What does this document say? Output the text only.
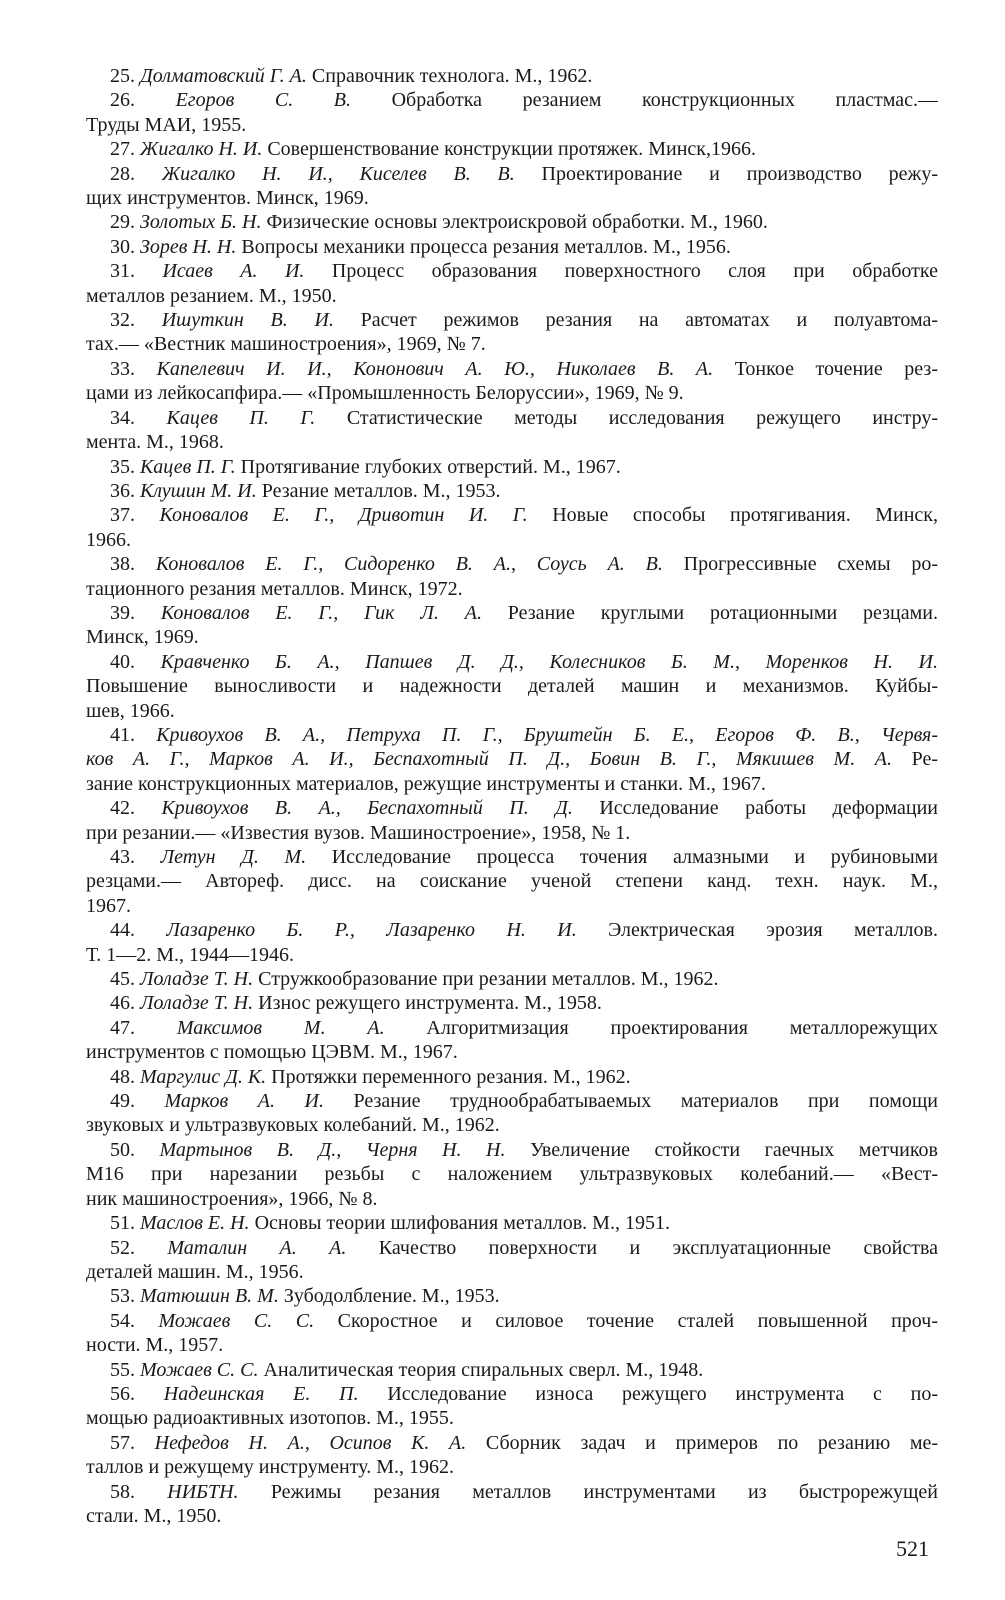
25. Долматовский Г. А. Справочник технолога. М., 1962.
26. Егоров С. В. Обработка резанием конструкционных пластмас.—
Труды МАИ, 1955.
27. Жигалко Н. И. Совершенствование конструкции протяжек. Минск,1966.
28. Жигалко Н. И., Киселев В. В. Проектирование и производство режу-
щих инструментов. Минск, 1969.
29. Золотых Б. Н. Физические основы электроискровой обработки. М., 1960.
30. Зорев Н. Н. Вопросы механики процесса резания металлов. М., 1956.
31. Исаев А. И. Процесс образования поверхностного слоя при обработке
металлов резанием. М., 1950.
32. Ишуткин В. И. Расчет режимов резания на автоматах и полуавтома-
тах.— «Вестник машиностроения», 1969, № 7.
33. Капелевич И. И., Кононович А. Ю., Николаев В. А. Тонкое точение рез-
цами из лейкосапфира.— «Промышленность Белоруссии», 1969, № 9.
34. Кацев П. Г. Статистические методы исследования режущего инстру-
мента. М., 1968.
35. Кацев П. Г. Протягивание глубоких отверстий. М., 1967.
36. Клушин М. И. Резание металлов. М., 1953.
37. Коновалов Е. Г., Дривотин И. Г. Новые способы протягивания. Минск,
1966.
38. Коновалов Е. Г., Сидоренко В. А., Соусь А. В. Прогрессивные схемы ро-
тационного резания металлов. Минск, 1972.
39. Коновалов Е. Г., Гик Л. А. Резание круглыми ротационными резцами.
Минск, 1969.
40. Кравченко Б. А., Папшев Д. Д., Колесников Б. М., Моренков Н. И.
Повышение выносливости и надежности деталей машин и механизмов. Куйбы-
шев, 1966.
41. Кривоухов В. А., Петруха П. Г., Бруштейн Б. Е., Егоров Ф. В., Червя-
ков А. Г., Марков А. И., Беспахотный П. Д., Бовин В. Г., Мякишев М. А. Ре-
зание конструкционных материалов, режущие инструменты и станки. М., 1967.
42. Кривоухов В. А., Беспахотный П. Д. Исследование работы деформации
при резании.— «Известия вузов. Машиностроение», 1958, № 1.
43. Летун Д. М. Исследование процесса точения алмазными и рубиновыми
резцами.— Автореф. дисс. на соискание ученой степени канд. техн. наук. М.,
1967.
44. Лазаренко Б. Р., Лазаренко Н. И. Электрическая эрозия металлов.
Т. 1—2. М., 1944—1946.
45. Лоладзе Т. Н. Стружкообразование при резании металлов. М., 1962.
46. Лоладзе Т. Н. Износ режущего инструмента. М., 1958.
47. Максимов М. А. Алгоритмизация проектирования металлорежущих
инструментов с помощью ЦЭВМ. М., 1967.
48. Маргулис Д. К. Протяжки переменного резания. М., 1962.
49. Марков А. И. Резание труднообрабатываемых материалов при помощи
звуковых и ультразвуковых колебаний. М., 1962.
50. Мартынов В. Д., Черня Н. Н. Увеличение стойкости гаечных метчиков
М16 при нарезании резьбы с наложением ультразвуковых колебаний.— «Вест-
ник машиностроения», 1966, № 8.
51. Маслов Е. Н. Основы теории шлифования металлов. М., 1951.
52. Маталин А. А. Качество поверхности и эксплуатационные свойства
деталей машин. М., 1956.
53. Матюшин В. М. Зубодолбление. М., 1953.
54. Можаев С. С. Скоростное и силовое точение сталей повышенной проч-
ности. М., 1957.
55. Можаев С. С. Аналитическая теория спиральных сверл. М., 1948.
56. Надеинская Е. П. Исследование износа режущего инструмента с по-
мощью радиоактивных изотопов. М., 1955.
57. Нефедов Н. А., Осипов К. А. Сборник задач и примеров по резанию ме-
таллов и режущему инструменту. М., 1962.
58. НИБТН. Режимы резания металлов инструментами из быстрорежущей
стали. М., 1950.
521
